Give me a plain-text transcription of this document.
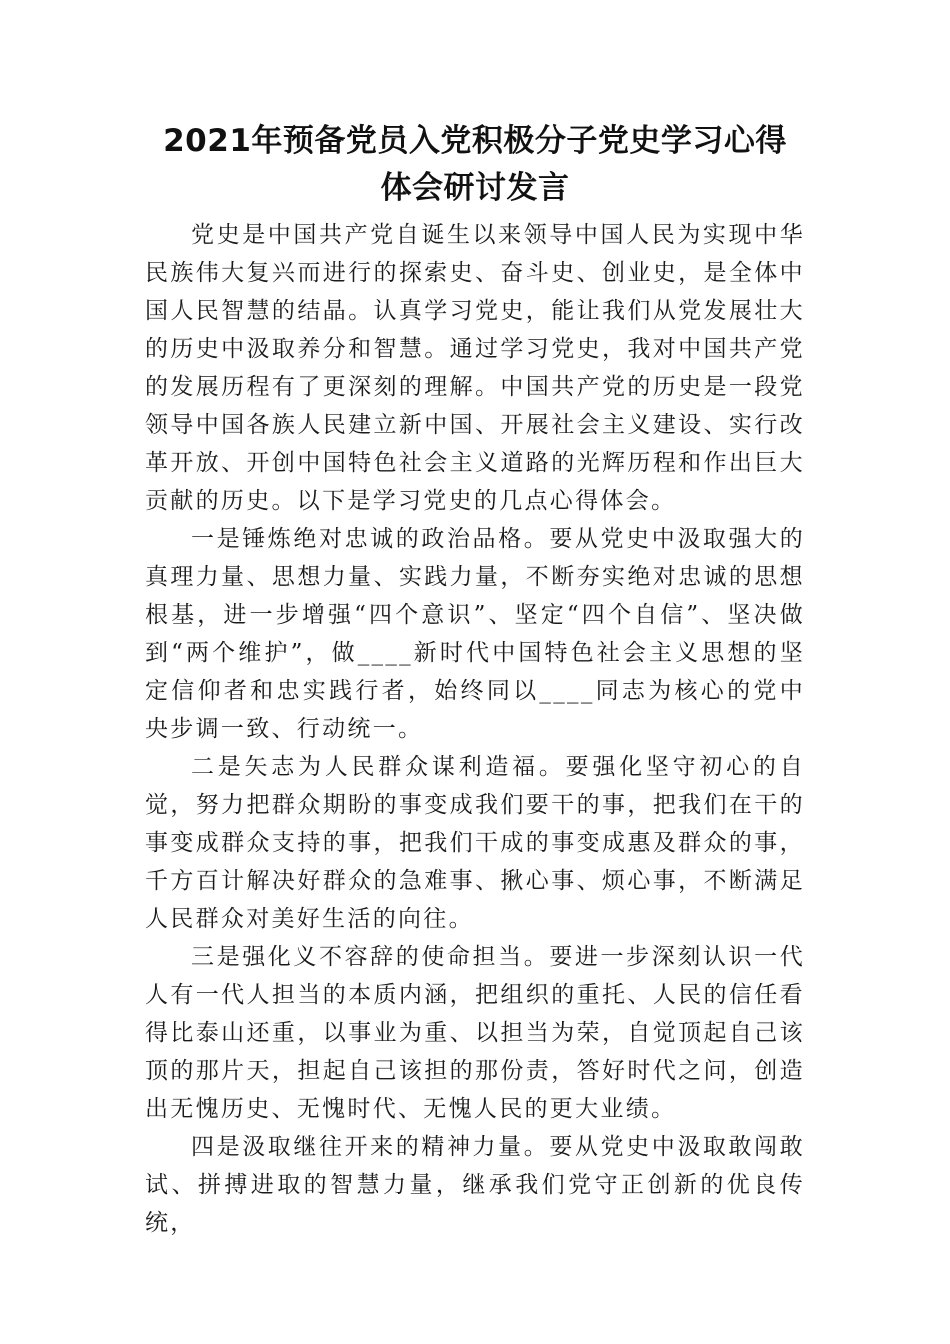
2021年预备党员入党积极分子党史学习心得
体会研讨发言

党史是中国共产党自诞生以来领导中国人民为实现中华民族伟大复兴而进行的探索史、奋斗史、创业史，是全体中国人民智慧的结晶。认真学习党史，能让我们从党发展壮大的历史中汲取养分和智慧。通过学习党史，我对中国共产党的发展历程有了更深刻的理解。中国共产党的历史是一段党领导中国各族人民建立新中国、开展社会主义建设、实行改革开放、开创中国特色社会主义道路的光辉历程和作出巨大贡献的历史。以下是学习党史的几点心得体会。

一是锤炼绝对忠诚的政治品格。要从党史中汲取强大的真理力量、思想力量、实践力量，不断夯实绝对忠诚的思想根基，进一步增强“四个意识”、坚定“四个自信”、坚决做到“两个维护”，做____新时代中国特色社会主义思想的坚定信仰者和忠实践行者，始终同以____同志为核心的党中央步调一致、行动统一。

二是矢志为人民群众谋利造福。要强化坚守初心的自觉，努力把群众期盼的事变成我们要干的事，把我们在干的事变成群众支持的事，把我们干成的事变成惠及群众的事，千方百计解决好群众的急难事、揪心事、烦心事，不断满足人民群众对美好生活的向往。

三是强化义不容辞的使命担当。要进一步深刻认识一代人有一代人担当的本质内涵，把组织的重托、人民的信任看得比泰山还重，以事业为重、以担当为荣，自觉顶起自己该顶的那片天，担起自己该担的那份责，答好时代之问，创造出无愧历史、无愧时代、无愧人民的更大业绩。

四是汲取继往开来的精神力量。要从党史中汲取敢闯敢试、拼搏进取的智慧力量，继承我们党守正创新的优良传统，
